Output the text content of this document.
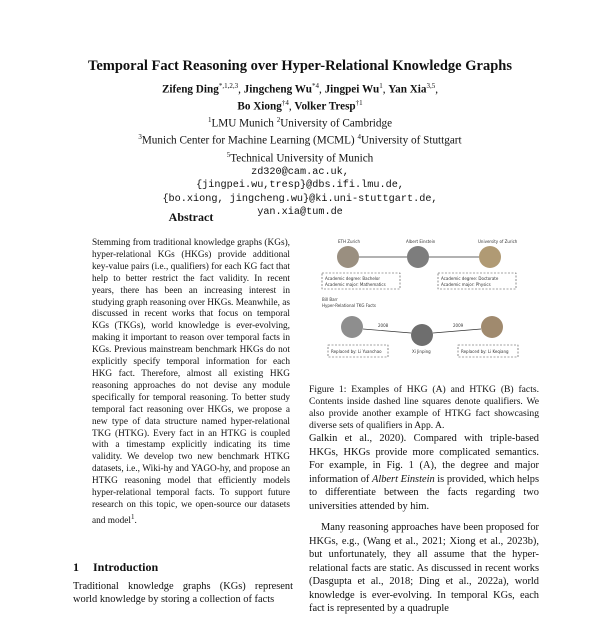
Temporal Fact Reasoning over Hyper-Relational Knowledge Graphs
Zifeng Ding$^{*,1,2,3}$, Jingcheng Wu$^{*4}$, Jingpei Wu$^1$, Yan Xia$^{3,5}$,
Bo Xiong$^{\dagger 4}$, Volker Tresp$^{\dagger 1}$
$^1$LMU Munich $^2$University of Cambridge
$^3$Munich Center for Machine Learning (MCML) $^4$University of Stuttgart
$^5$Technical University of Munich
zd320@cam.ac.uk,
{jingpei.wu,tresp}@dbs.ifi.lmu.de,
{bo.xiong, jingcheng.wu}@ki.uni-stuttgart.de,
yan.xia@tum.de
Abstract
Stemming from traditional knowledge graphs (KGs), hyper-relational KGs (HKGs) provide additional key-value pairs (i.e., qualifiers) for each KG fact that help to better restrict the fact validity. In recent years, there has been an increasing interest in studying graph reasoning over HKGs. Meanwhile, as discussed in recent works that focus on temporal KGs (TKGs), world knowledge is ever-evolving, making it important to reason over temporal facts in KGs. Previous mainstream benchmark HKGs do not explicitly specify temporal information for each HKG fact. Therefore, almost all existing HKG reasoning approaches do not devise any module specifically for temporal reasoning. To better study temporal fact reasoning over HKGs, we propose a new type of data structure named hyper-relational TKG (HTKG). Every fact in an HTKG is coupled with a timestamp explicitly indicating its time validity. We develop two new benchmark HTKG datasets, i.e., Wiki-hy and YAGO-hy, and propose an HTKG reasoning model that efficiently models hyper-relational temporal facts. To support future research on this topic, we open-source our datasets and model$^1$.
1 Introduction
Traditional knowledge graphs (KGs) represent world knowledge by storing a collection of facts
ETH Zurich	Albert Einstein	University of Zurich
Academic degree: Bachelor
Academic major: Mathematics
Academic degree: Doctorate
Academic major: Physics
Bill Barr
Hyper-Relational TKG Facts
2008	2009
Xi Jinping
Replaced by: Li Yuanchao	Replaced by: Li Keqiang
Figure 1: Examples of HKG (A) and HTKG (B) facts. Contents inside dashed line squares denote qualifiers. We also provide another example of HTKG fact showcasing diverse sets of qualifiers in App. A.

Galkin et al., 2020). Compared with triple-based HKGs, HKGs provide more complicated semantics. For example, in Fig. 1 (A), the degree and major information of Albert Einstein is provided, which helps to differentiate between the facts regarding two universities attended by him.

Many reasoning approaches have been proposed for HKGs, e.g., (Wang et al., 2021; Xiong et al., 2023b), but unfortunately, they all assume that the hyper-relational facts are static. As discussed in recent works (Dasgupta et al., 2018; Ding et al., 2022a), world knowledge is ever-evolving. In temporal KGs, each fact is represented by a quadruple
